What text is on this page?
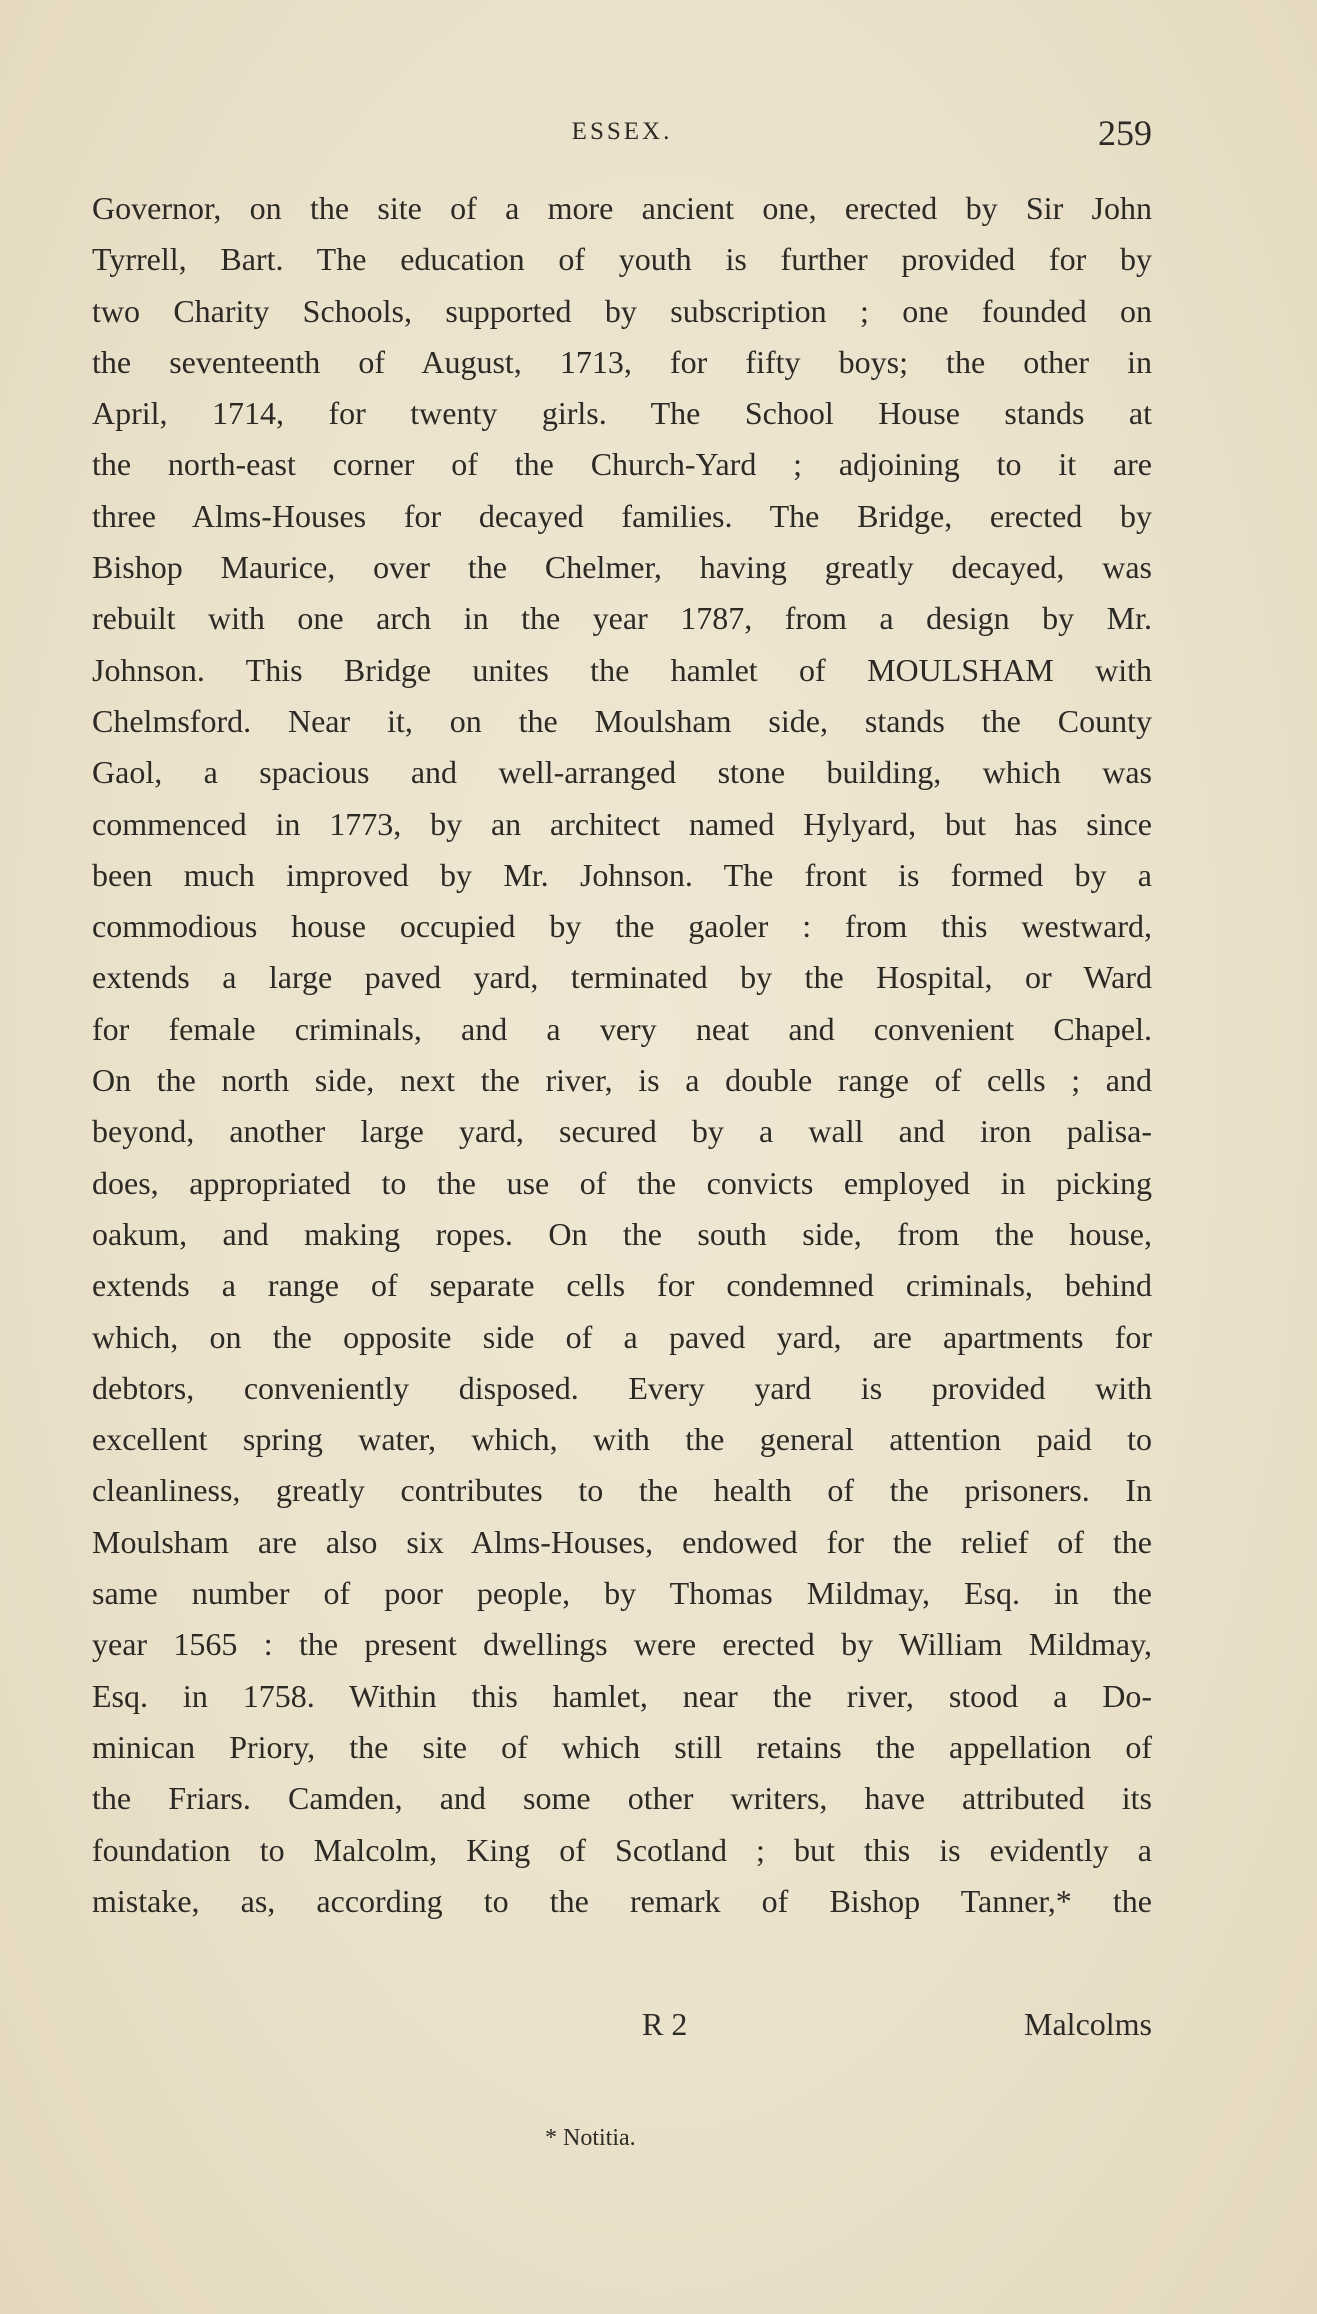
ESSEX.	259
Governor, on the site of a more ancient one, erected by Sir John
Tyrrell, Bart. The education of youth is further provided for by
two Charity Schools, supported by subscription ; one founded on
the seventeenth of August, 1713, for fifty boys; the other in
April, 1714, for twenty girls. The School House stands at
the north-east corner of the Church-Yard ; adjoining to it are
three Alms-Houses for decayed families. The Bridge, erected by
Bishop Maurice, over the Chelmer, having greatly decayed, was
rebuilt with one arch in the year 1787, from a design by Mr.
Johnson. This Bridge unites the hamlet of MOULSHAM with
Chelmsford. Near it, on the Moulsham side, stands the County
Gaol, a spacious and well-arranged stone building, which was
commenced in 1773, by an architect named Hylyard, but has since
been much improved by Mr. Johnson. The front is formed by a
commodious house occupied by the gaoler : from this westward,
extends a large paved yard, terminated by the Hospital, or Ward
for female criminals, and a very neat and convenient Chapel.
On the north side, next the river, is a double range of cells ; and
beyond, another large yard, secured by a wall and iron palisa-
does, appropriated to the use of the convicts employed in picking
oakum, and making ropes. On the south side, from the house,
extends a range of separate cells for condemned criminals, behind
which, on the opposite side of a paved yard, are apartments for
debtors, conveniently disposed. Every yard is provided with
excellent spring water, which, with the general attention paid to
cleanliness, greatly contributes to the health of the prisoners. In
Moulsham are also six Alms-Houses, endowed for the relief of the
same number of poor people, by Thomas Mildmay, Esq. in the
year 1565 : the present dwellings were erected by William Mildmay,
Esq. in 1758. Within this hamlet, near the river, stood a Do-
minican Priory, the site of which still retains the appellation of
the Friars. Camden, and some other writers, have attributed its
foundation to Malcolm, King of Scotland ; but this is evidently a
mistake, as, according to the remark of Bishop Tanner,* the
R 2	Malcolms
* Notitia.
